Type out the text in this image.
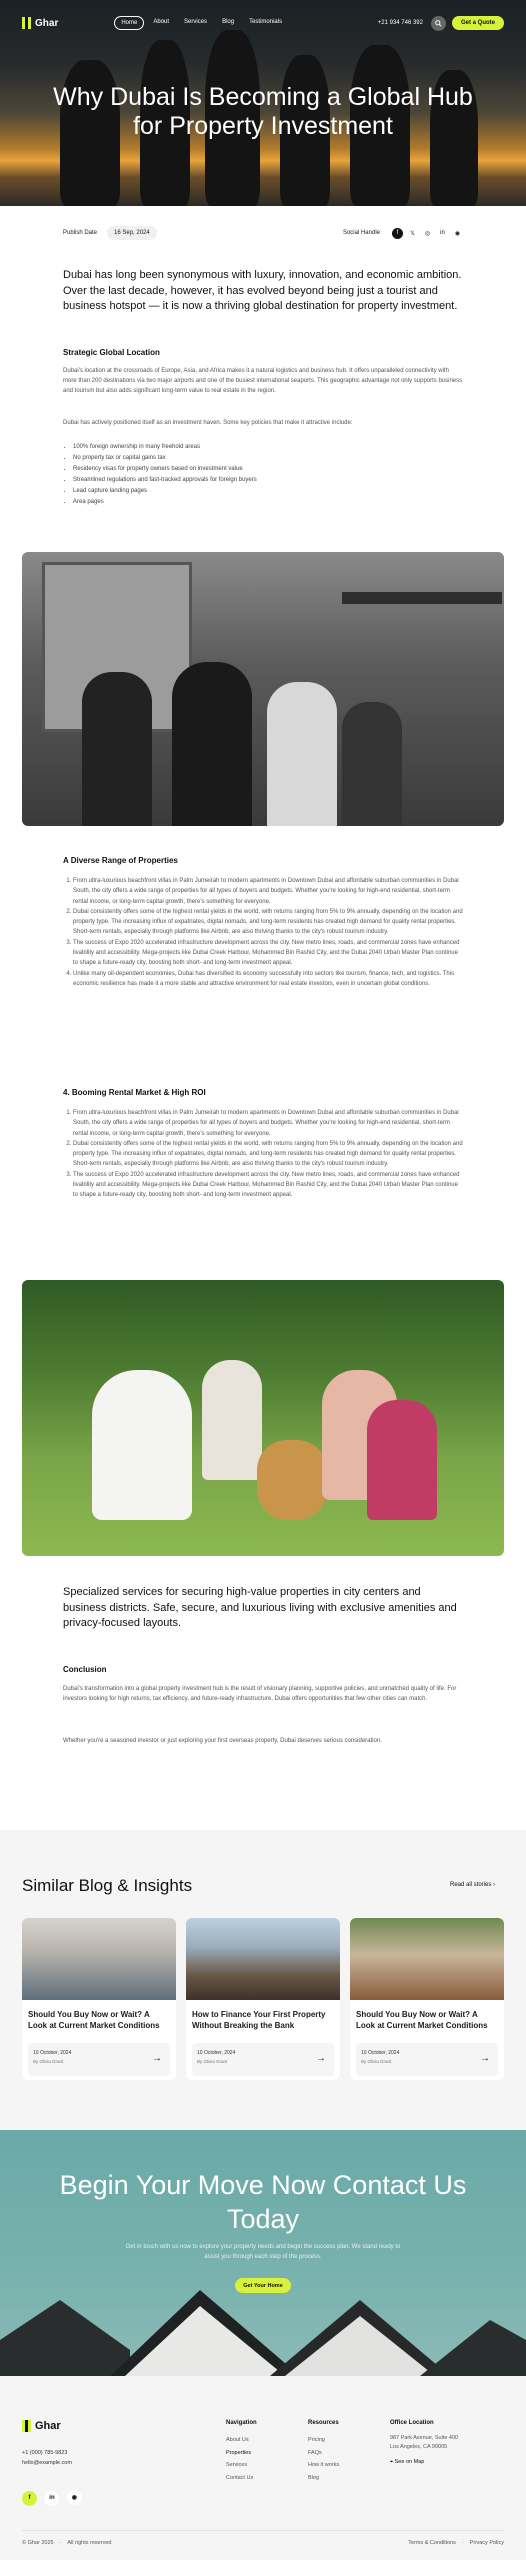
Ghar	Home	About	Services	Blog	Testimonials	+21 934 746 392	Get a Quote
Why Dubai Is Becoming a Global Hub for Property Investment
Publish Date	16 Sep, 2024	Social Handle	f	𝕏	◎	in	◉

Dubai has long been synonymous with luxury, innovation, and economic ambition. Over the last decade, however, it has evolved beyond being just a tourist and business hotspot — it is now a thriving global destination for property investment.

Strategic Global Location

Dubai's location at the crossroads of Europe, Asia, and Africa makes it a natural logistics and business hub. It offers unparalleled connectivity with more than 200 destinations via two major airports and one of the busiest international seaports. This geographic advantage not only supports business and tourism but also adds significant long-term value to real estate in the region.

Dubai has actively positioned itself as an investment haven. Some key policies that make it attractive include:

• 100% foreign ownership in many freehold areas
• No property tax or capital gains tax
• Residency visas for property owners based on investment value
• Streamlined regulations and fast-tracked approvals for foreign buyers
• Lead capture landing pages
• Area pages
A Diverse Range of Properties
1. From ultra-luxurious beachfront villas in Palm Jumeirah to modern apartments in Downtown Dubai and affordable suburban communities in Dubai South, the city offers a wide range of properties for all types of buyers and budgets. Whether you're looking for high-end residential, short-term rental income, or long-term capital growth, there's something for everyone.
2. Dubai consistently offers some of the highest rental yields in the world, with returns ranging from 5% to 9% annually, depending on the location and property type. The increasing influx of expatriates, digital nomads, and long-term residents has created high demand for quality rental properties. Short-term rentals, especially through platforms like Airbnb, are also thriving thanks to the city's robust tourism industry.
3. The success of Expo 2020 accelerated infrastructure development across the city. New metro lines, roads, and commercial zones have enhanced livability and accessibility. Mega-projects like Dubai Creek Harbour, Mohammed Bin Rashid City, and the Dubai 2040 Urban Master Plan continue to shape a future-ready city, boosting both short- and long-term investment appeal.
4. Unlike many oil-dependent economies, Dubai has diversified its economy successfully into sectors like tourism, finance, tech, and logistics. This economic resilience has made it a more stable and attractive environment for real estate investors, even in uncertain global conditions.
4. Booming Rental Market & High ROI
1. From ultra-luxurious beachfront villas in Palm Jumeirah to modern apartments in Downtown Dubai and affordable suburban communities in Dubai South, the city offers a wide range of properties for all types of buyers and budgets. Whether you're looking for high-end residential, short-term rental income, or long-term capital growth, there's something for everyone.
2. Dubai consistently offers some of the highest rental yields in the world, with returns ranging from 5% to 9% annually, depending on the location and property type. The increasing influx of expatriates, digital nomads, and long-term residents has created high demand for quality rental properties. Short-term rentals, especially through platforms like Airbnb, are also thriving thanks to the city's robust tourism industry.
3. The success of Expo 2020 accelerated infrastructure development across the city. New metro lines, roads, and commercial zones have enhanced livability and accessibility. Mega-projects like Dubai Creek Harbour, Mohammed Bin Rashid City, and the Dubai 2040 Urban Master Plan continue to shape a future-ready city, boosting both short- and long-term investment appeal.

Specialized services for securing high-value properties in city centers and business districts. Safe, secure, and luxurious living with exclusive amenities and privacy-focused layouts.

Conclusion

Dubai's transformation into a global property investment hub is the result of visionary planning, supportive policies, and unmatched quality of life. For investors looking for high returns, tax efficiency, and future-ready infrastructure, Dubai offers opportunities that few other cities can match.

Whether you're a seasoned investor or just exploring your first overseas property, Dubai deserves serious consideration.

Similar Blog & Insights	Read all stories ›
Should You Buy Now or Wait? A Look at Current Market Conditions
10 October, 2024
By Olivia Grant	→
How to Finance Your First Property Without Breaking the Bank
10 October, 2024
By Olivia Grant	→
Should You Buy Now or Wait? A Look at Current Market Conditions
10 October, 2024
By Olivia Grant	→
Begin Your Move Now Contact Us Today

Get in touch with us now to explore your property needs and begin the success plan. We stand ready to assist you through each step of the process.

Get Your Home
Ghar
+1 (000) 785-9823
hello@example.com
f	in	◉
Navigation
About Us
Properties
Services
Contact Us
Resources
Pricing
FAQs
How it works
Blog
Office Location
987 Park Avenue, Suite 400
Los Angeles, CA 90005
⌖ See on Map
© Ghar 2025 · All rights reserved	Terms & Conditions · Privacy Policy
